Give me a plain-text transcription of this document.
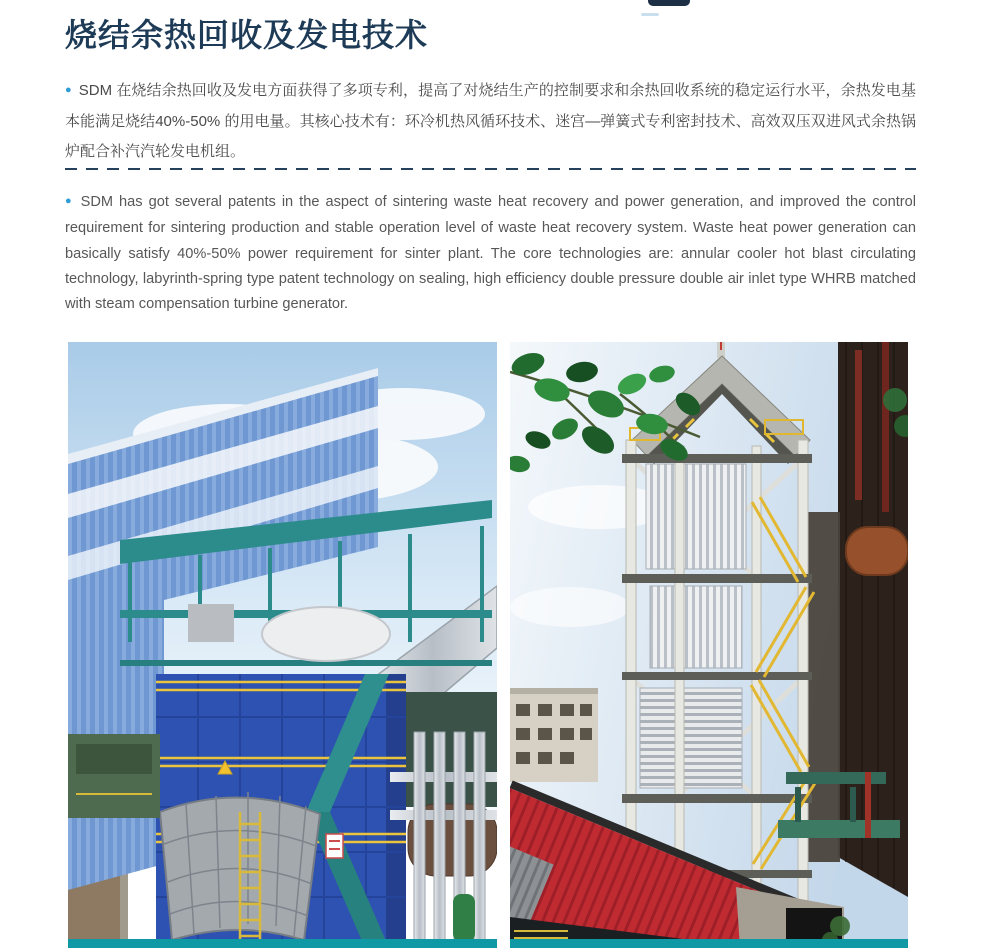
烧结余热回收及发电技术

● SDM 在烧结余热回收及发电方面获得了多项专利，提高了对烧结生产的控制要求和余热回收系统的稳定运行水平，余热发电基本能满足烧结40%-50% 的用电量。其核心技术有：环冷机热风循环技术、迷宫—弹簧式专利密封技术、高效双压双进风式余热锅炉配合补汽汽轮发电机组。

● SDM has got several patents in the aspect of sintering waste heat recovery and power generation, and improved the control requirement for sintering production and stable operation level of waste heat recovery system. Waste heat power generation can basically satisfy 40%-50% power requirement for sinter plant. The core technologies are: annular cooler hot blast circulating technology, labyrinth-spring type patent technology on sealing, high efficiency double pressure double air inlet type WHRB matched with steam compensation turbine generator.
